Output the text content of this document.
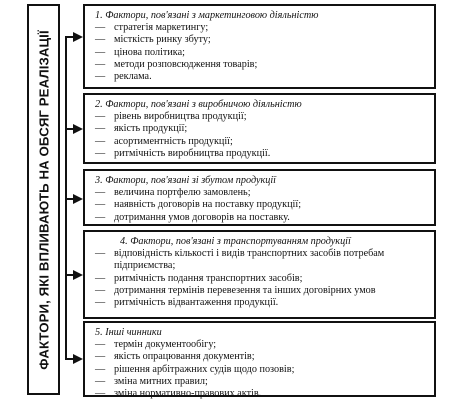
ФАКТОРИ, ЯКІ ВПЛИВАЮТЬ НА ОБСЯГ РЕАЛІЗАЦІЇ
1. Фактори, пов'язані з маркетинговою діяльністю
— стратегія маркетингу;
— місткість ринку збуту;
— цінова політика;
— методи розповсюдження товарів;
— реклама.
2. Фактори, пов'язані з виробничою діяльністю
— рівень виробництва продукції;
— якість продукції;
— асортиментність продукції;
— ритмічність виробництва продукції.
3. Фактори, пов'язані зі збутом продукції
— величина портфелю замовлень;
— наявність договорів на поставку продукції;
— дотримання умов договорів на поставку.
4. Фактори, пов'язані з транспортуванням продукції
— відповідність кількості і видів транспортних засобів потребам підприємства;
— ритмічність подання транспортних засобів;
— дотримання термінів перевезення та інших договірних умов
— ритмічність відвантаження продукції.
5. Інші чинники
— термін документообігу;
— якість опрацювання документів;
— рішення арбітражних судів щодо позовів;
— зміна митних правил;
— зміна нормативно-правових актів.
